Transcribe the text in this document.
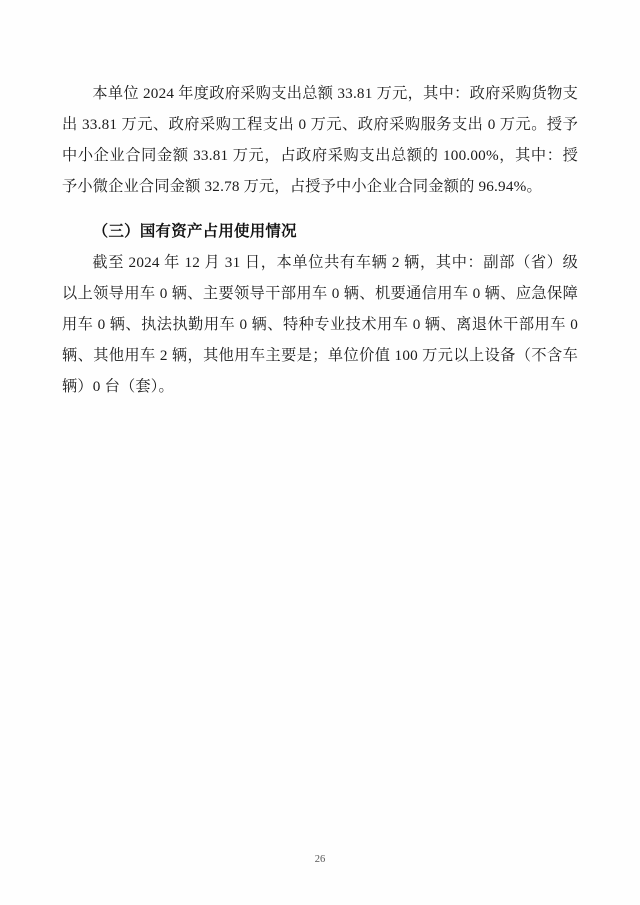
本单位 2024 年度政府采购支出总额 33.81 万元，其中：政府采购货物支出 33.81 万元、政府采购工程支出 0 万元、政府采购服务支出 0 万元。授予中小企业合同金额 33.81 万元，占政府采购支出总额的 100.00%，其中：授予小微企业合同金额 32.78 万元，占授予中小企业合同金额的 96.94%。

（三）国有资产占用使用情况

截至 2024 年 12 月 31 日，本单位共有车辆 2 辆，其中：副部（省）级以上领导用车 0 辆、主要领导干部用车 0 辆、机要通信用车 0 辆、应急保障用车 0 辆、执法执勤用车 0 辆、特种专业技术用车 0 辆、离退休干部用车 0 辆、其他用车 2 辆，其他用车主要是；单位价值 100 万元以上设备（不含车辆）0 台（套）。

26
